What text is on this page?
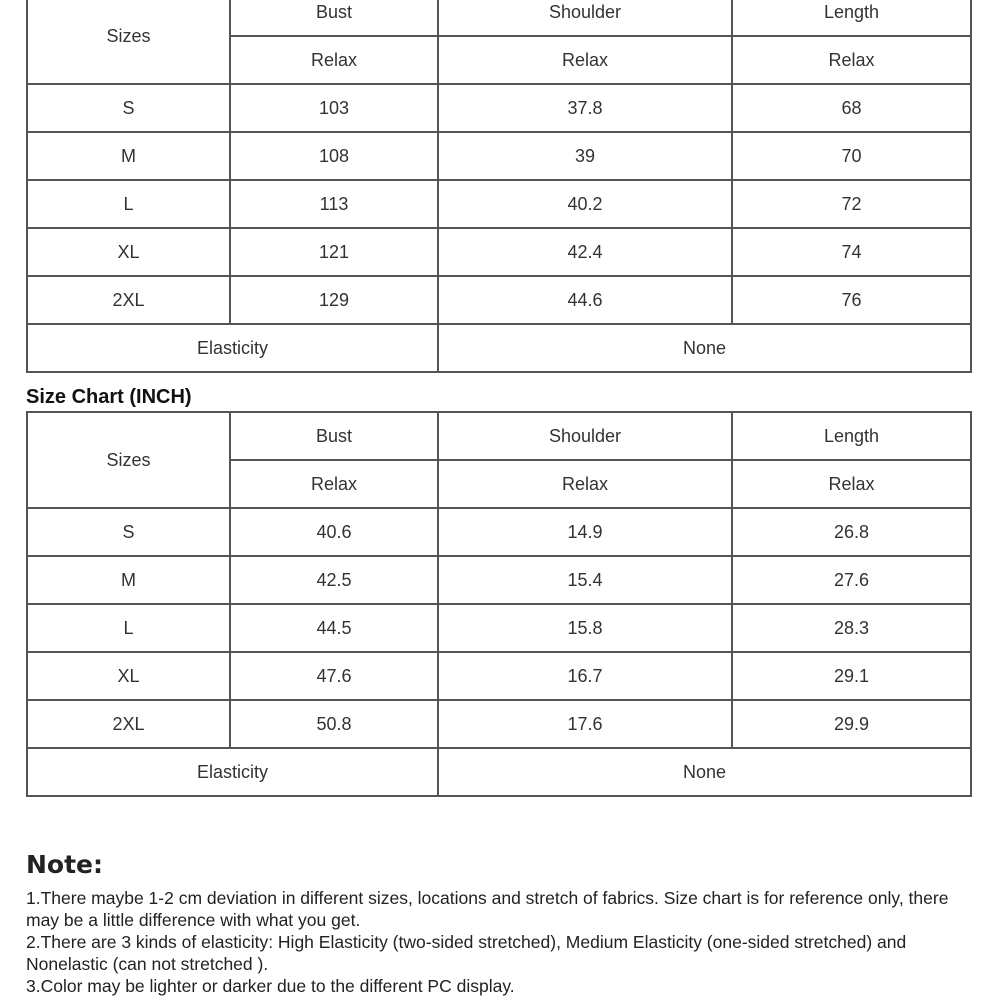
Sizes	Bust	Shoulder	Length
	Relax	Relax	Relax
S	103	37.8	68
M	108	39	70
L	113	40.2	72
XL	121	42.4	74
2XL	129	44.6	76
Elasticity		None	
Size Chart (INCH)
Sizes	Bust	Shoulder	Length
	Relax	Relax	Relax
S	40.6	14.9	26.8
M	42.5	15.4	27.6
L	44.5	15.8	28.3
XL	47.6	16.7	29.1
2XL	50.8	17.6	29.9
Elasticity		None	
Note:

1.There maybe 1-2 cm deviation in different sizes, locations and stretch of fabrics. Size chart is for reference only, there may be a little difference with what you get.

2.There are 3 kinds of elasticity: High Elasticity (two-sided stretched), Medium Elasticity (one-sided stretched) and Nonelastic (can not stretched ).

3.Color may be lighter or darker due to the different PC display.
